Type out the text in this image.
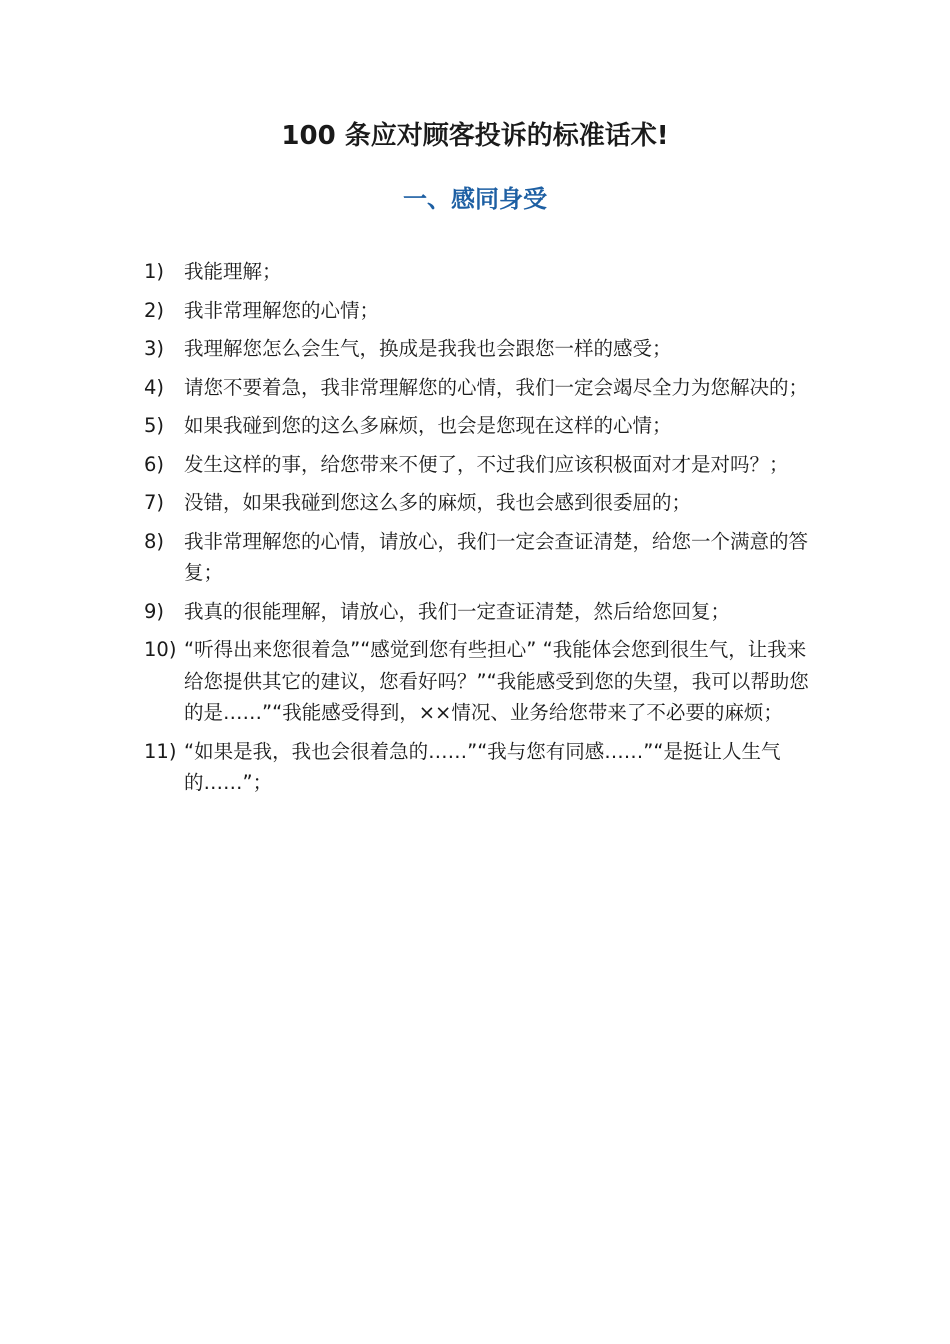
100 条应对顾客投诉的标准话术!
一、感同身受
1)	我能理解；
2)	我非常理解您的心情；
3)	我理解您怎么会生气，换成是我我也会跟您一样的感受；
4)	请您不要着急，我非常理解您的心情，我们一定会竭尽全力为您解决的；
5)	如果我碰到您的这么多麻烦，也会是您现在这样的心情；
6)	发生这样的事，给您带来不便了，不过我们应该积极面对才是对吗？；
7)	没错，如果我碰到您这么多的麻烦，我也会感到很委屈的；
8)	我非常理解您的心情，请放心，我们一定会查证清楚，给您一个满意的答复；
9)	我真的很能理解，请放心，我们一定查证清楚，然后给您回复；
10) “听得出来您很着急”“感觉到您有些担心” “我能体会您到很生气，让我来给您提供其它的建议，您看好吗？”“我能感受到您的失望，我可以帮助您的是……”“我能感受得到，××情况、业务给您带来了不必要的麻烦；
11) “如果是我，我也会很着急的……”“我与您有同感……”“是挺让人生气的……”；
